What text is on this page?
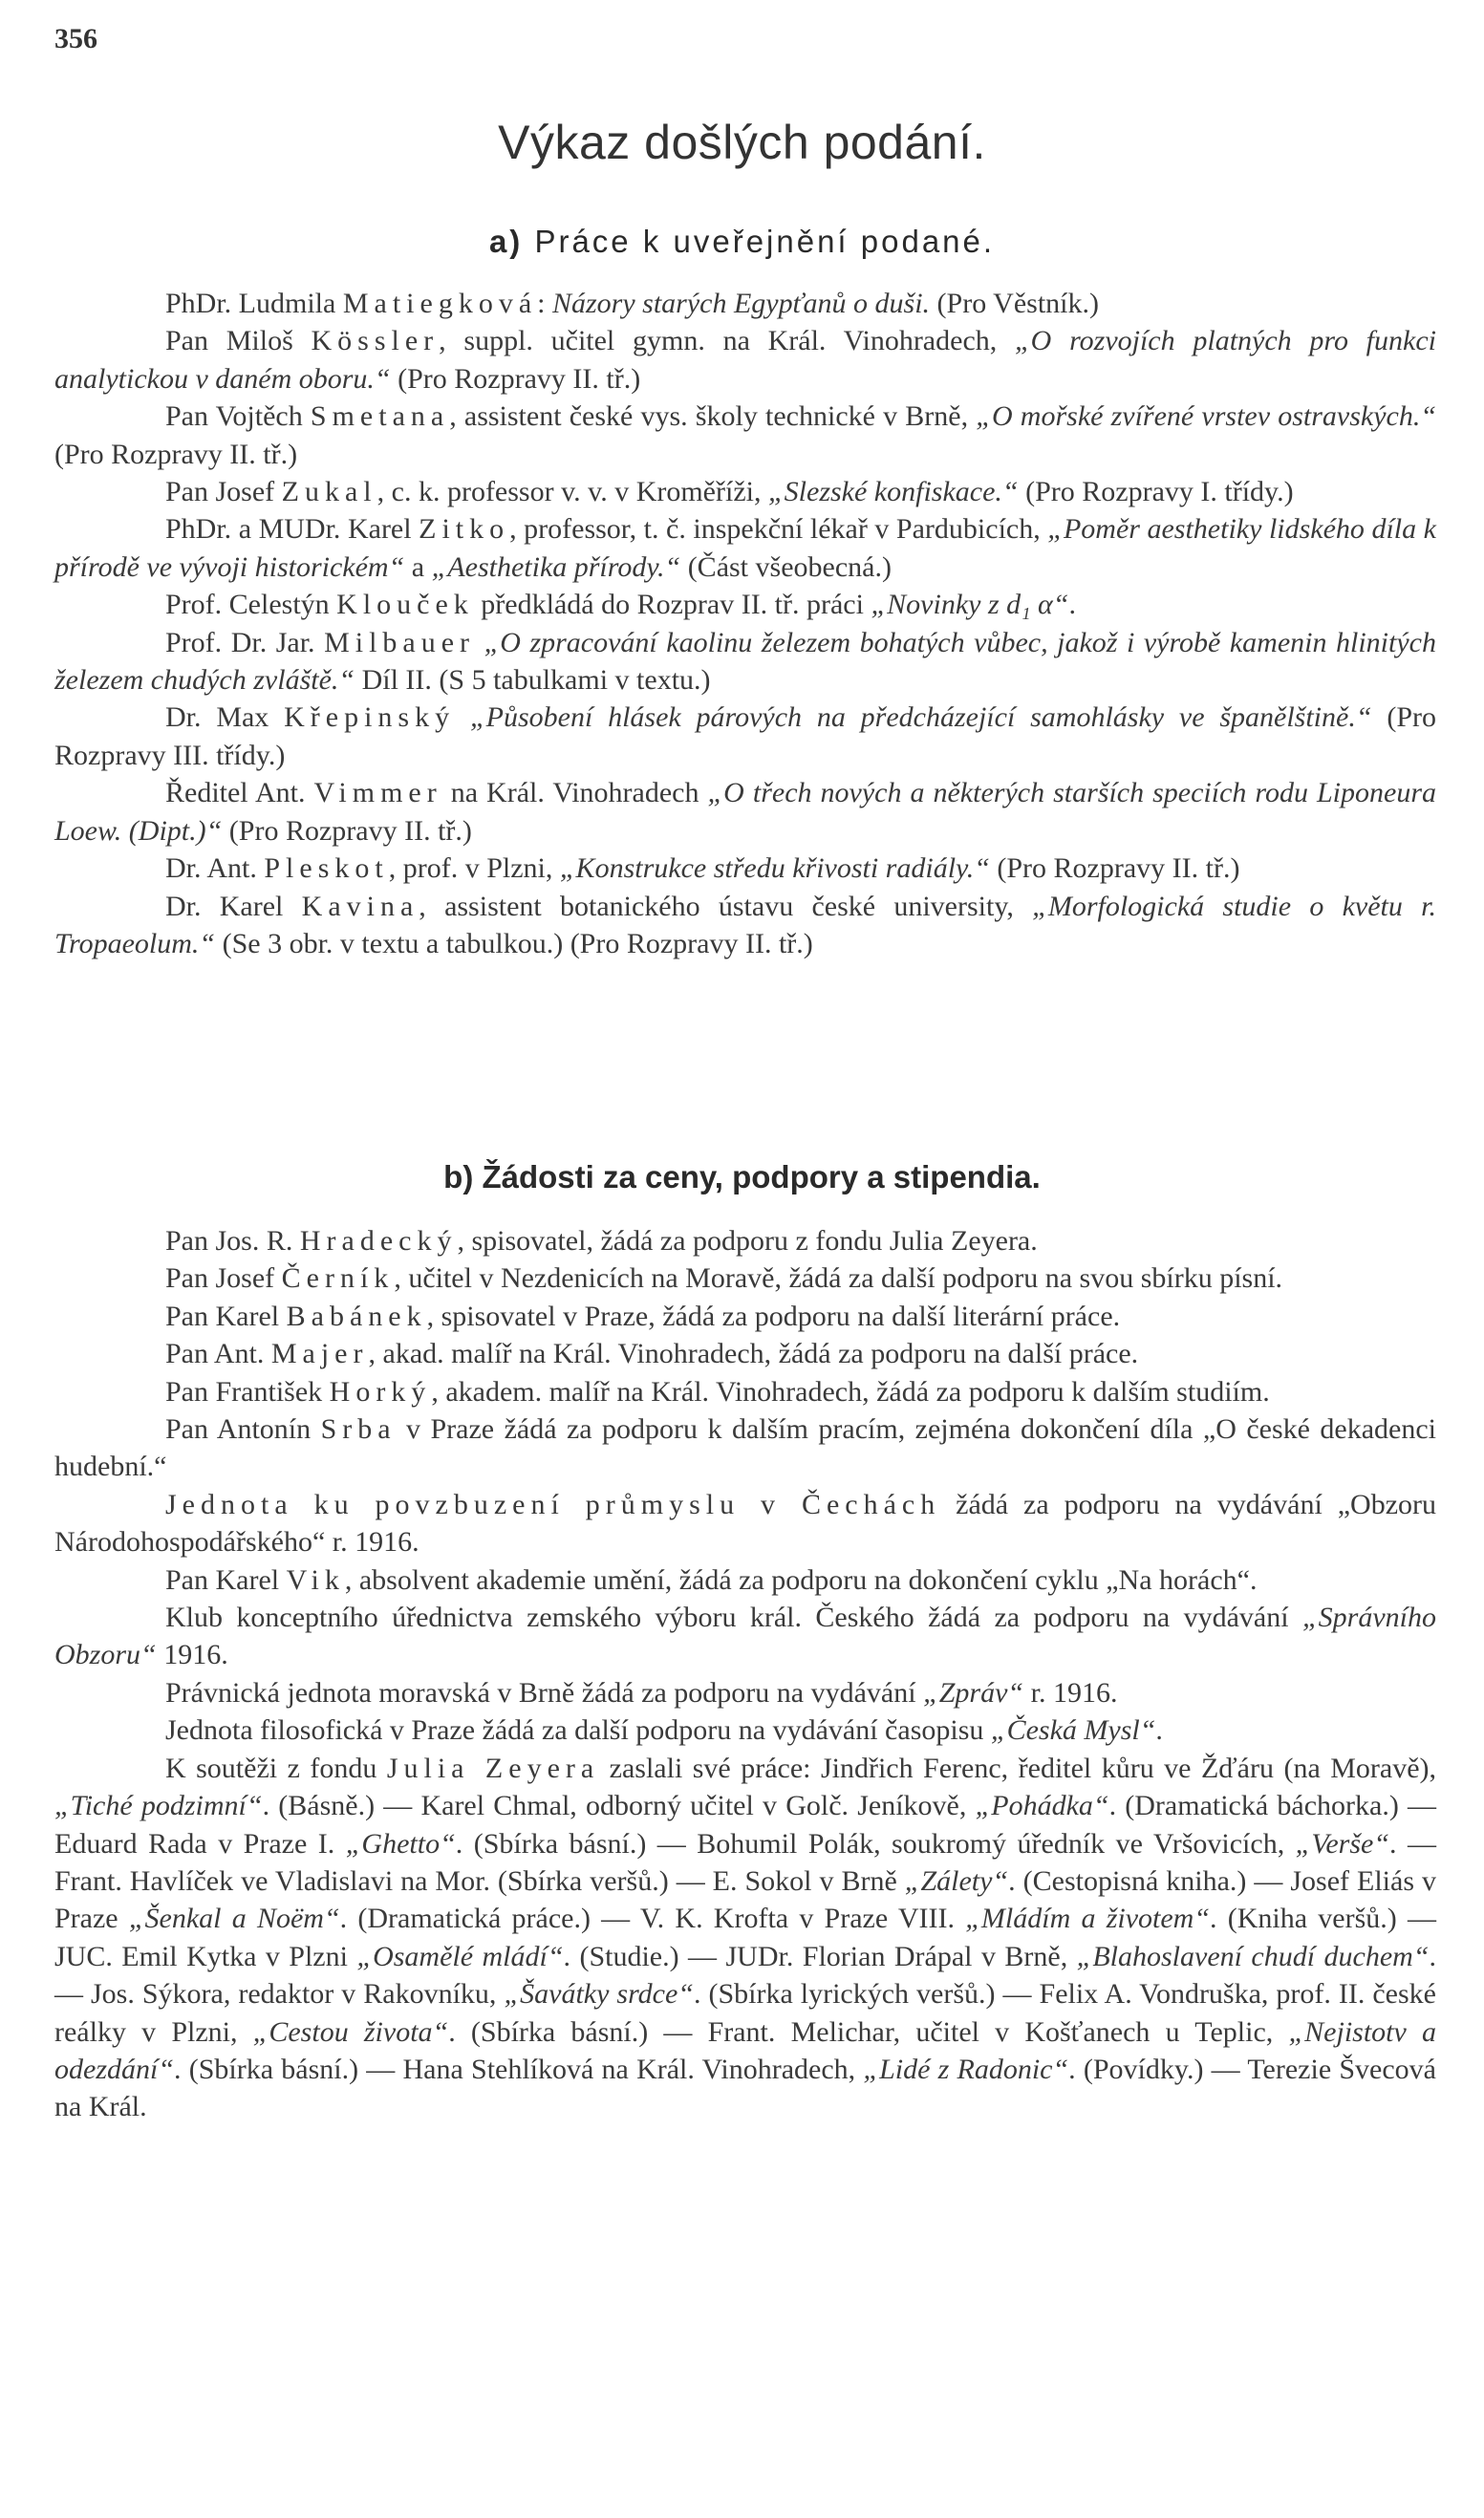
356
Výkaz došlých podání.
a) Práce k uveřejnění podané.

PhDr. Ludmila Matiegková: Názory starých Egypťanů o duši. (Pro Věstník.)

Pan Miloš Kössler, suppl. učitel gymn. na Král. Vinohradech, „O rozvojích platných pro funkci analytickou v daném oboru.“ (Pro Rozpravy II. tř.)

Pan Vojtěch Smetana, assistent české vys. školy technické v Brně, „O mořské zvířené vrstev ostravských.“ (Pro Rozpravy II. tř.)

Pan Josef Zukal, c. k. professor v. v. v Kroměříži, „Slezské konfiskace.“ (Pro Rozpravy I. třídy.)

PhDr. a MUDr. Karel Zitko, professor, t. č. inspekční lékař v Pardubicích, „Poměr aesthetiky lidského díla k přírodě ve vývoji historickém“ a „Aesthetika přírody.“ (Část všeobecná.)

Prof. Celestýn Klouček předkládá do Rozprav II. tř. práci „Novinky z d₁ α“.

Prof. Dr. Jar. Milbauer „O zpracování kaolinu železem bohatých vůbec, jakož i výrobě kamenin hlinitých železem chudých zvláště.“ Díl II. (S 5 tabulkami v textu.)

Dr. Max Křepinský „Působení hlásek párových na předcházející samohlásky ve španělštině.“ (Pro Rozpravy III. třídy.)

Ředitel Ant. Vimmer na Král. Vinohradech „O třech nových a některých starších speciích rodu Liponeura Loew. (Dipt.)“ (Pro Rozpravy II. tř.)

Dr. Ant. Pleskot, prof. v Plzni, „Konstrukce středu křivosti radiály.“ (Pro Rozpravy II. tř.)

Dr. Karel Kavina, assistent botanického ústavu české university, „Morfologická studie o květu r. Tropaeolum.“ (Se 3 obr. v textu a tabulkou.) (Pro Rozpravy II. tř.)

b) Žádosti za ceny, podpory a stipendia.

Pan Jos. R. Hradecký, spisovatel, žádá za podporu z fondu Julia Zeyera.

Pan Josef Černík, učitel v Nezdenicích na Moravě, žádá za další podporu na svou sbírku písní.

Pan Karel Babánek, spisovatel v Praze, žádá za podporu na další literární práce.

Pan Ant. Majer, akad. malíř na Král. Vinohradech, žádá za podporu na další práce.

Pan František Horký, akadem. malíř na Král. Vinohradech, žádá za podporu k dalším studiím.

Pan Antonín Srba v Praze žádá za podporu k dalším pracím, zejména dokončení díla „O české dekadenci hudební.“

Jednota ku povzbuzení průmyslu v Čechách žádá za podporu na vydávání „Obzoru Národohospodářského“ r. 1916.

Pan Karel Vik, absolvent akademie umění, žádá za podporu na dokončení cyklu „Na horách“.

Klub konceptního úřednictva zemského výboru král. Českého žádá za podporu na vydávání „Správního Obzoru“ 1916.

Právnická jednota moravská v Brně žádá za podporu na vydávání „Zpráv“ r. 1916.

Jednota filosofická v Praze žádá za další podporu na vydávání časopisu „Česká Mysl“.

K soutěži z fondu Julia Zeyera zaslali své práce: Jindřich Ferenc, ředitel kůru ve Žďáru (na Moravě), „Tiché podzimní“. (Básně.) — Karel Chmal, odborný učitel v Golč. Jeníkově, „Pohádka“. (Dramatická báchorka.) — Eduard Rada v Praze I. „Ghetto“. (Sbírka básní.) — Bohumil Polák, soukromý úředník ve Vršovicích, „Verše“. — Frant. Havlíček ve Vladislavi na Mor. (Sbírka veršů.) — E. Sokol v Brně „Zálety“. (Cestopisná kniha.) — Josef Eliás v Praze „Šenkal a Noëm“. (Dramatická práce.) — V. K. Krofta v Praze VIII. „Mládím a životem“. (Kniha veršů.) — JUC. Emil Kytka v Plzni „Osamělé mládí“. (Studie.) — JUDr. Florian Drápal v Brně, „Blahoslavení chudí duchem“. — Jos. Sýkora, redaktor v Rakovníku, „Šavátky srdce“. (Sbírka lyrických veršů.) — Felix A. Vondruška, prof. II. české reálky v Plzni, „Cestou života“. (Sbírka básní.) — Frant. Melichar, učitel v Košťanech u Teplic, „Nejistotv a odezdání“. (Sbírka básní.) — Hana Stehlíková na Král. Vinohradech, „Lidé z Radonic“. (Povídky.) — Terezie Švecová na Král.
